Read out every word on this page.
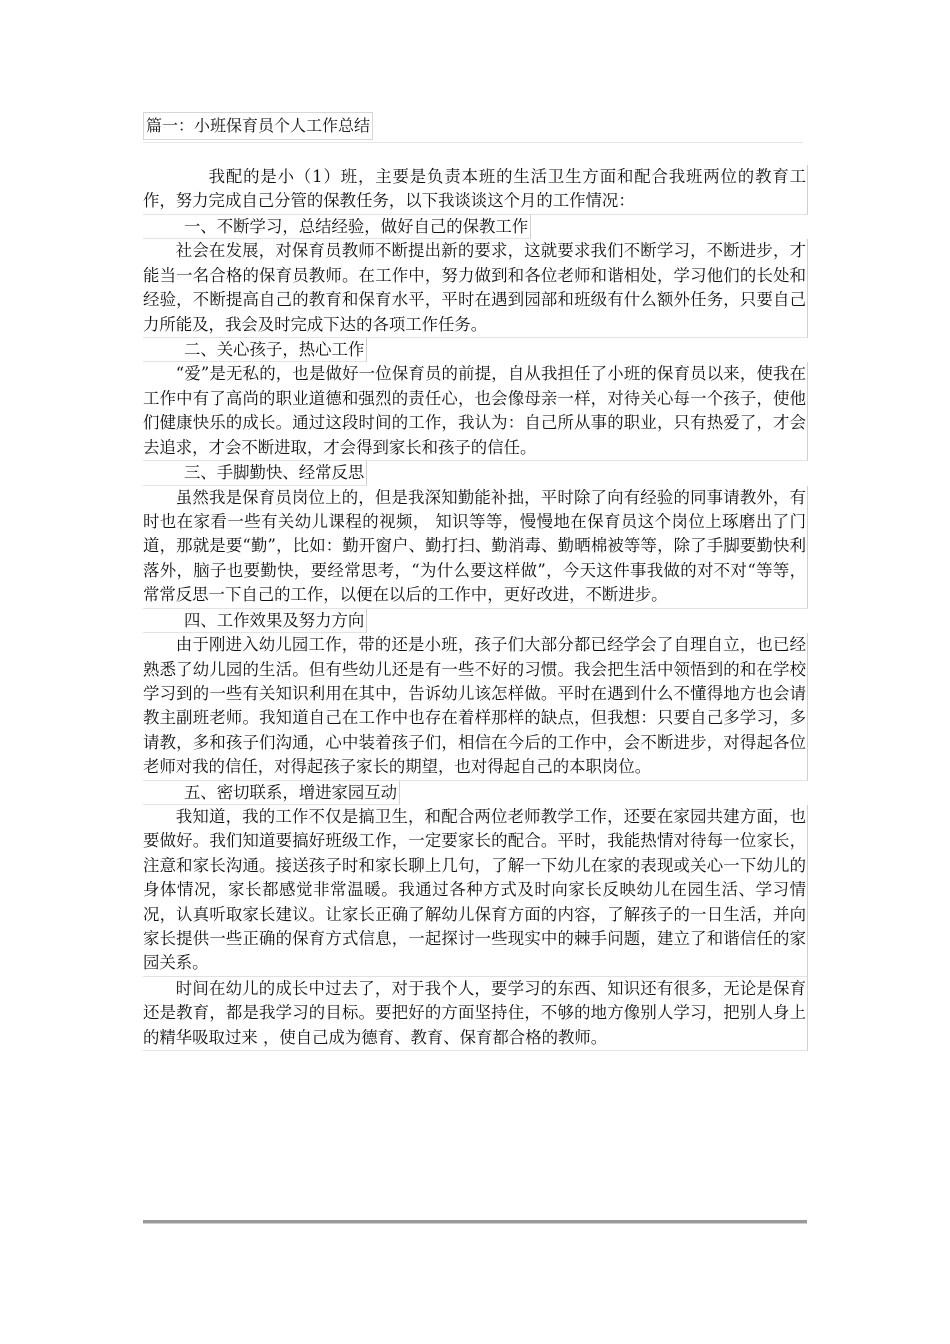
篇一：小班保育员个人工作总结

我配的是小（1）班，主要是负责本班的生活卫生方面和配合我班两位的教育工作，努力完成自己分管的保教任务，以下我谈谈这个月的工作情况：

一、不断学习，总结经验，做好自己的保教工作

社会在发展，对保育员教师不断提出新的要求，这就要求我们不断学习，不断进步，才能当一名合格的保育员教师。在工作中，努力做到和各位老师和谐相处，学习他们的长处和经验，不断提高自己的教育和保育水平，平时在遇到园部和班级有什么额外任务，只要自己力所能及，我会及时完成下达的各项工作任务。

二、关心孩子，热心工作

“爱”是无私的，也是做好一位保育员的前提，自从我担任了小班的保育员以来，使我在工作中有了高尚的职业道德和强烈的责任心，也会像母亲一样，对待关心每一个孩子，使他们健康快乐的成长。通过这段时间的工作，我认为：自己所从事的职业，只有热爱了，才会去追求，才会不断进取，才会得到家长和孩子的信任。

三、手脚勤快、经常反思

虽然我是保育员岗位上的，但是我深知勤能补拙，平时除了向有经验的同事请教外，有时也在家看一些有关幼儿课程的视频， 知识等等，慢慢地在保育员这个岗位上琢磨出了门道，那就是要“勤”，比如：勤开窗户、勤打扫、勤消毒、勤晒棉被等等，除了手脚要勤快利落外，脑子也要勤快，要经常思考，“为什么要这样做”，今天这件事我做的对不对“等等，常常反思一下自己的工作，以便在以后的工作中，更好改进，不断进步。

四、工作效果及努力方向

由于刚进入幼儿园工作，带的还是小班，孩子们大部分都已经学会了自理自立，也已经熟悉了幼儿园的生活。但有些幼儿还是有一些不好的习惯。我会把生活中领悟到的和在学校学习到的一些有关知识利用在其中，告诉幼儿该怎样做。平时在遇到什么不懂得地方也会请教主副班老师。我知道自己在工作中也存在着样那样的缺点，但我想：只要自己多学习，多请教，多和孩子们沟通，心中装着孩子们，相信在今后的工作中，会不断进步，对得起各位老师对我的信任，对得起孩子家长的期望，也对得起自己的本职岗位。

五、密切联系，增进家园互动

我知道，我的工作不仅是搞卫生，和配合两位老师教学工作，还要在家园共建方面，也要做好。我们知道要搞好班级工作，一定要家长的配合。平时，我能热情对待每一位家长，注意和家长沟通。接送孩子时和家长聊上几句，了解一下幼儿在家的表现或关心一下幼儿的身体情况，家长都感觉非常温暖。我通过各种方式及时向家长反映幼儿在园生活、学习情况，认真听取家长建议。让家长正确了解幼儿保育方面的内容，了解孩子的一日生活，并向家长提供一些正确的保育方式信息，一起探讨一些现实中的棘手问题，建立了和谐信任的家园关系。

时间在幼儿的成长中过去了，对于我个人，要学习的东西、知识还有很多，无论是保育还是教育，都是我学习的目标。要把好的方面坚持住，不够的地方像别人学习，把别人身上的精华吸取过来 ，使自己成为德育、教育、保育都合格的教师。
